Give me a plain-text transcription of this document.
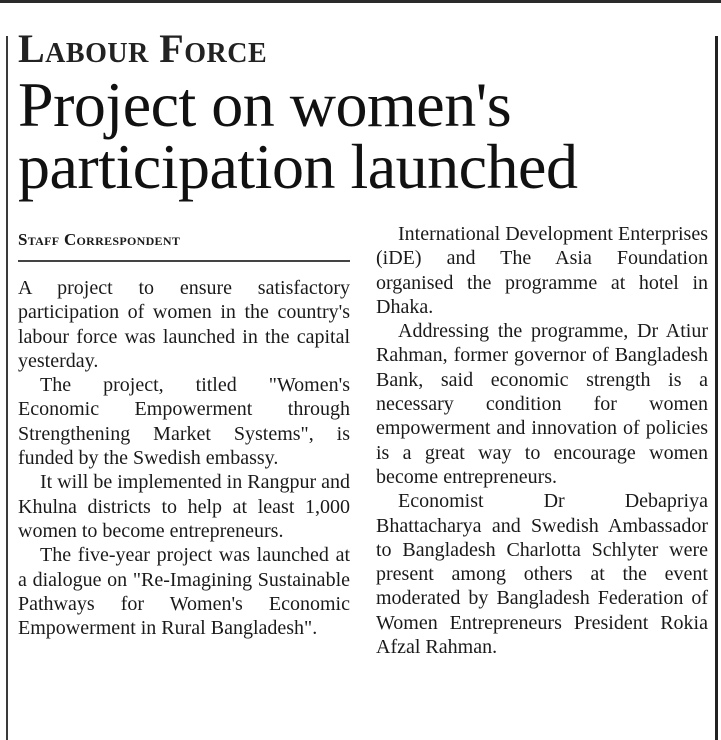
Labour Force
Project on women's participation launched
Staff Correspondent

A project to ensure satisfactory participation of women in the country's labour force was launched in the capital yesterday.

The project, titled "Women's Economic Empowerment through Strengthening Market Systems", is funded by the Swedish embassy.

It will be implemented in Rangpur and Khulna districts to help at least 1,000 women to become entrepreneurs.

The five-year project was launched at a dialogue on "Re-Imagining Sustainable Pathways for Women's Economic Empowerment in Rural Bangladesh".

International Development Enterprises (iDE) and The Asia Foundation organised the programme at hotel in Dhaka.

Addressing the programme, Dr Atiur Rahman, former governor of Bangladesh Bank, said economic strength is a necessary condition for women empowerment and innovation of policies is a great way to encourage women become entrepreneurs.

Economist Dr Debapriya Bhattacharya and Swedish Ambassador to Bangladesh Charlotta Schlyter were present among others at the event moderated by Bangladesh Federation of Women Entrepreneurs President Rokia Afzal Rahman.
